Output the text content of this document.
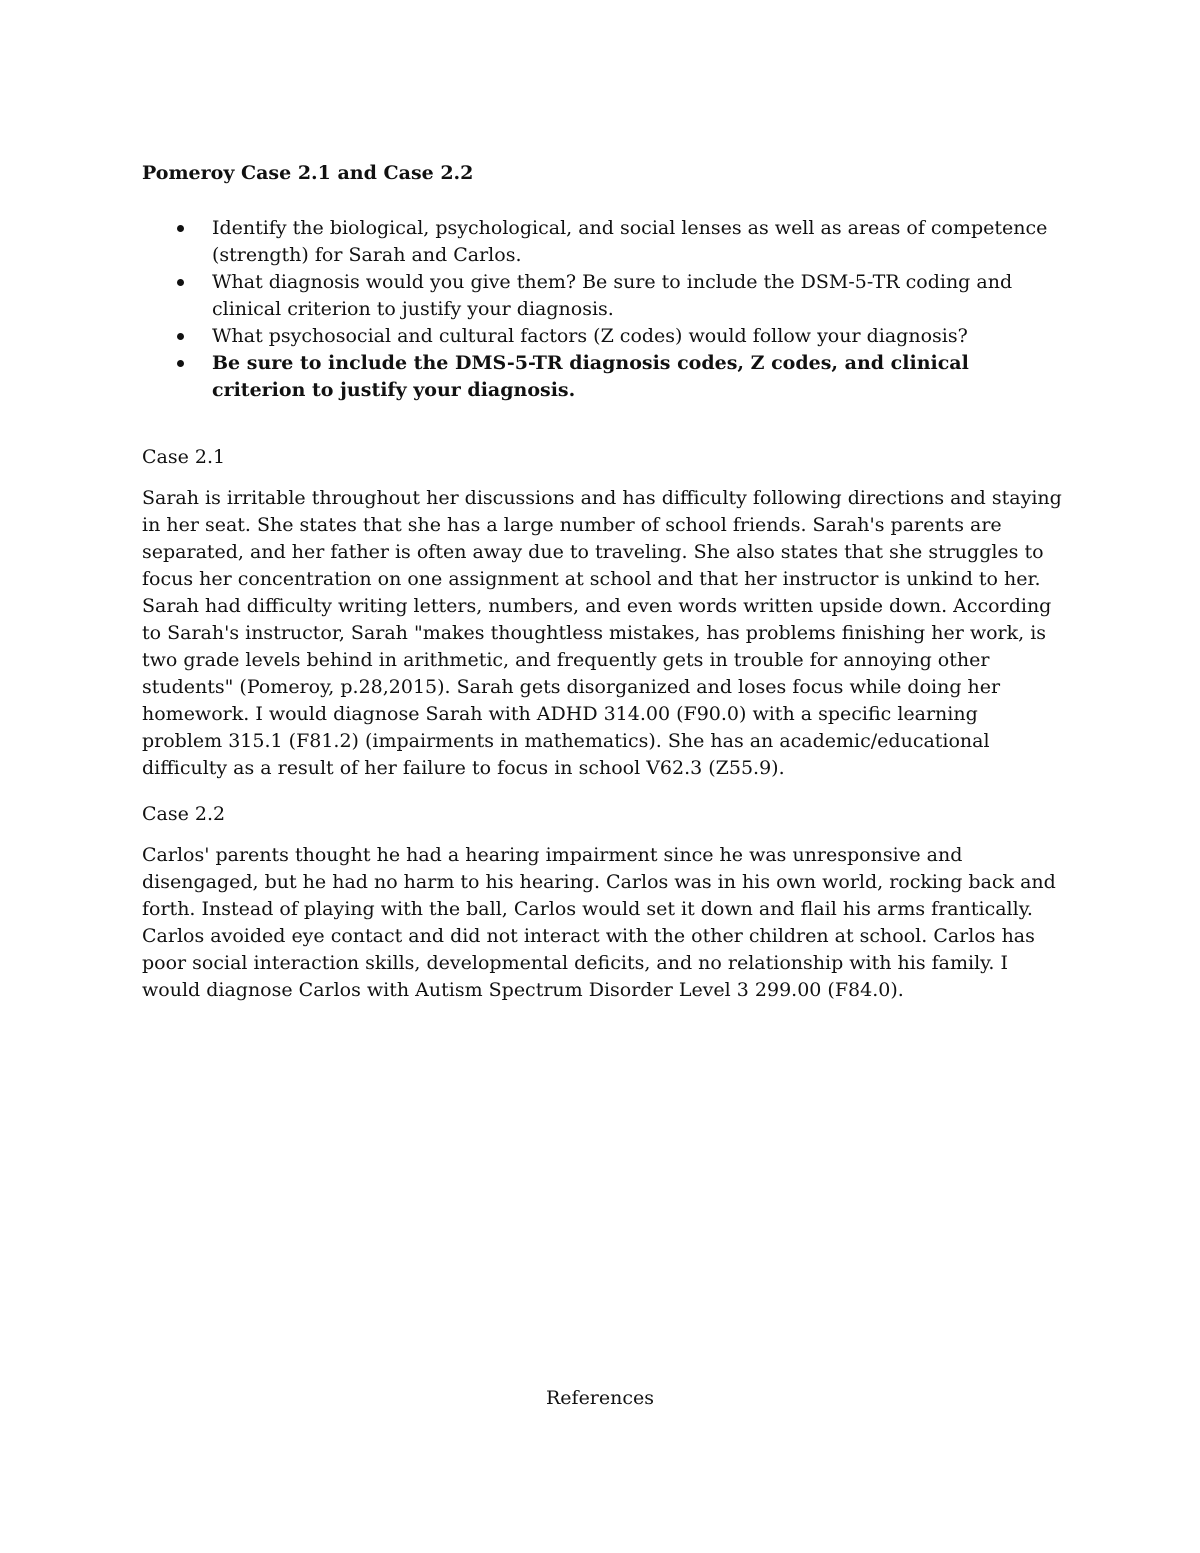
Pomeroy Case 2.1 and Case 2.2
Identify the biological, psychological, and social lenses as well as areas of competence (strength) for Sarah and Carlos.
What diagnosis would you give them? Be sure to include the DSM-5-TR coding and clinical criterion to justify your diagnosis.
What psychosocial and cultural factors (Z codes) would follow your diagnosis?
Be sure to include the DMS-5-TR diagnosis codes, Z codes, and clinical criterion to justify your diagnosis.
Case 2.1
Sarah is irritable throughout her discussions and has difficulty following directions and staying in her seat. She states that she has a large number of school friends. Sarah's parents are separated, and her father is often away due to traveling. She also states that she struggles to focus her concentration on one assignment at school and that her instructor is unkind to her. Sarah had difficulty writing letters, numbers, and even words written upside down. According to Sarah's instructor, Sarah "makes thoughtless mistakes, has problems finishing her work, is two grade levels behind in arithmetic, and frequently gets in trouble for annoying other students" (Pomeroy, p.28,2015). Sarah gets disorganized and loses focus while doing her homework. I would diagnose Sarah with ADHD 314.00 (F90.0) with a specific learning problem 315.1 (F81.2) (impairments in mathematics). She has an academic/educational difficulty as a result of her failure to focus in school V62.3 (Z55.9).
Case 2.2
Carlos' parents thought he had a hearing impairment since he was unresponsive and disengaged, but he had no harm to his hearing. Carlos was in his own world, rocking back and forth. Instead of playing with the ball, Carlos would set it down and flail his arms frantically. Carlos avoided eye contact and did not interact with the other children at school. Carlos has poor social interaction skills, developmental deficits, and no relationship with his family. I would diagnose Carlos with Autism Spectrum Disorder Level 3 299.00 (F84.0).
References
